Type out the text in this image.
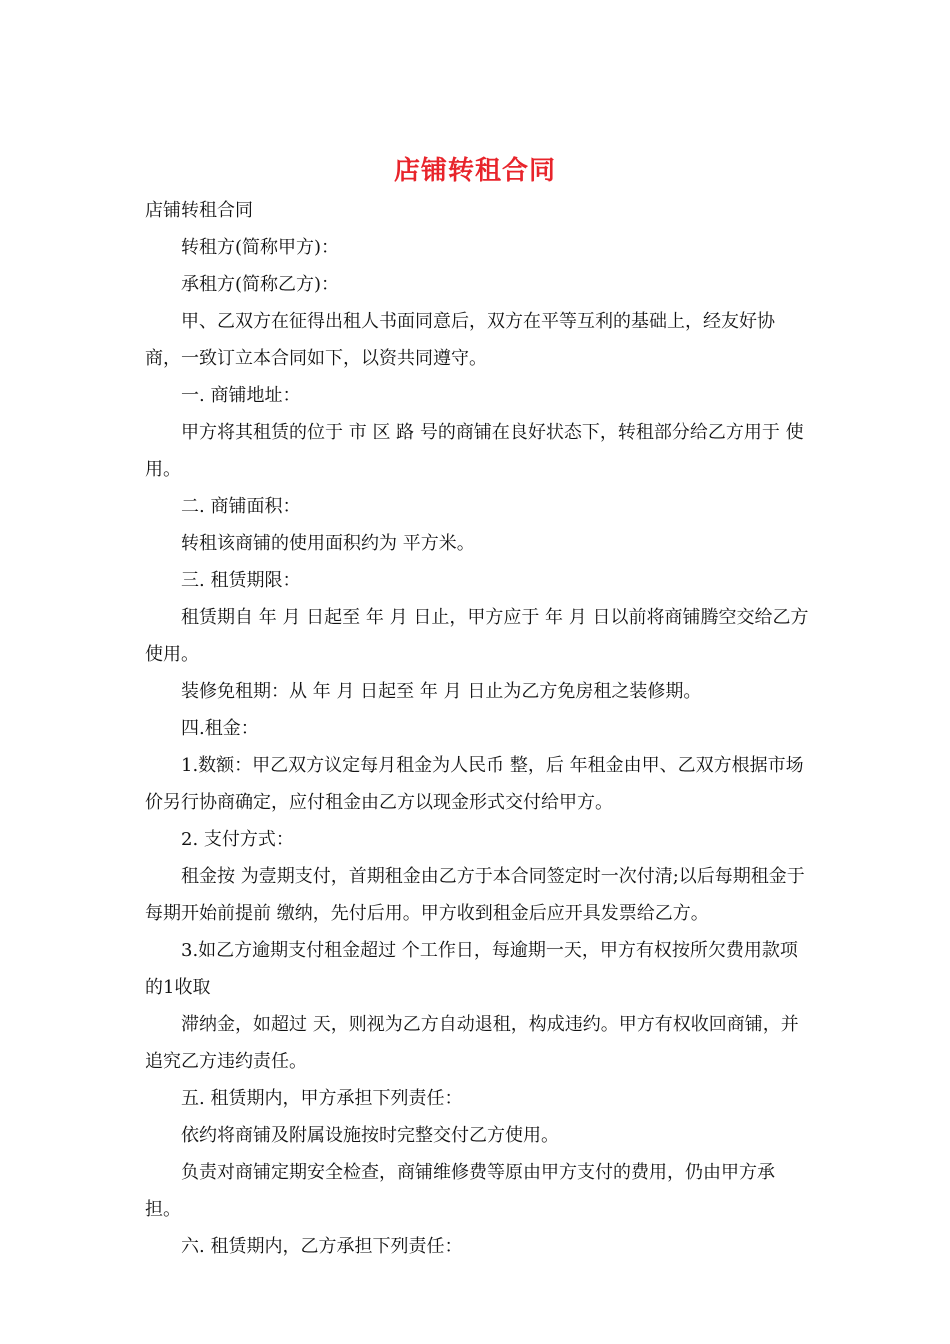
店铺转租合同

店铺转租合同

转租方(简称甲方)：

承租方(简称乙方)：

甲、乙双方在征得出租人书面同意后，双方在平等互利的基础上，经友好协商，一致订立本合同如下，以资共同遵守。

一. 商铺地址：

甲方将其租赁的位于 市 区 路 号的商铺在良好状态下，转租部分给乙方用于 使用。

二. 商铺面积：

转租该商铺的使用面积约为 平方米。

三. 租赁期限：

租赁期自 年 月 日起至 年 月 日止，甲方应于 年 月 日以前将商铺腾空交给乙方使用。

装修免租期：从 年 月 日起至 年 月 日止为乙方免房租之装修期。

四.租金：

1.数额：甲乙双方议定每月租金为人民币 整，后 年租金由甲、乙双方根据市场价另行协商确定，应付租金由乙方以现金形式交付给甲方。

2. 支付方式：

租金按 为壹期支付，首期租金由乙方于本合同签定时一次付清;以后每期租金于每期开始前提前 缴纳，先付后用。甲方收到租金后应开具发票给乙方。

3.如乙方逾期支付租金超过 个工作日，每逾期一天，甲方有权按所欠费用款项的1收取

滞纳金，如超过 天，则视为乙方自动退租，构成违约。甲方有权收回商铺，并追究乙方违约责任。

五. 租赁期内，甲方承担下列责任：

依约将商铺及附属设施按时完整交付乙方使用。

负责对商铺定期安全检查，商铺维修费等原由甲方支付的费用，仍由甲方承担。

六. 租赁期内，乙方承担下列责任：
